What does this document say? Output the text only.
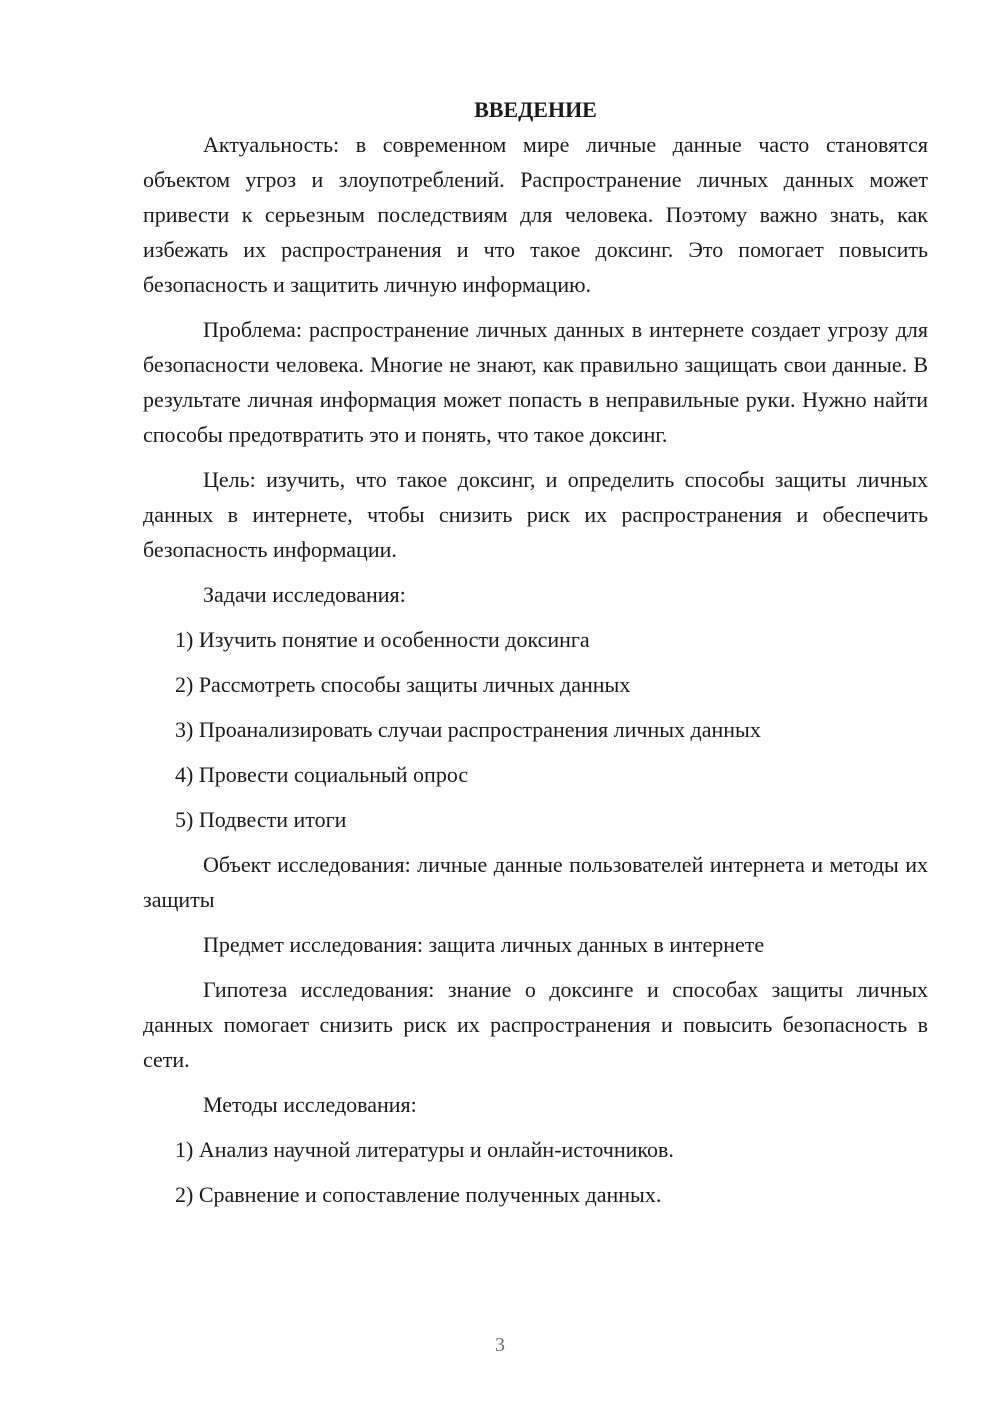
ВВЕДЕНИЕ

Актуальность: в современном мире личные данные часто становятся объектом угроз и злоупотреблений. Распространение личных данных может привести к серьезным последствиям для человека. Поэтому важно знать, как избежать их распространения и что такое доксинг. Это помогает повысить безопасность и защитить личную информацию.

Проблема: распространение личных данных в интернете создает угрозу для безопасности человека. Многие не знают, как правильно защищать свои данные. В результате личная информация может попасть в неправильные руки. Нужно найти способы предотвратить это и понять, что такое доксинг.

Цель: изучить, что такое доксинг, и определить способы защиты личных данных в интернете, чтобы снизить риск их распространения и обеспечить безопасность информации.

Задачи исследования:

1) Изучить понятие и особенности доксинга

2) Рассмотреть способы защиты личных данных

3) Проанализировать случаи распространения личных данных

4) Провести социальный опрос

5) Подвести итоги

Объект исследования: личные данные пользователей интернета и методы их защиты

Предмет исследования: защита личных данных в интернете

Гипотеза исследования: знание о доксинге и способах защиты личных данных помогает снизить риск их распространения и повысить безопасность в сети.

Методы исследования:

1) Анализ научной литературы и онлайн-источников.

2) Сравнение и сопоставление полученных данных.

3
